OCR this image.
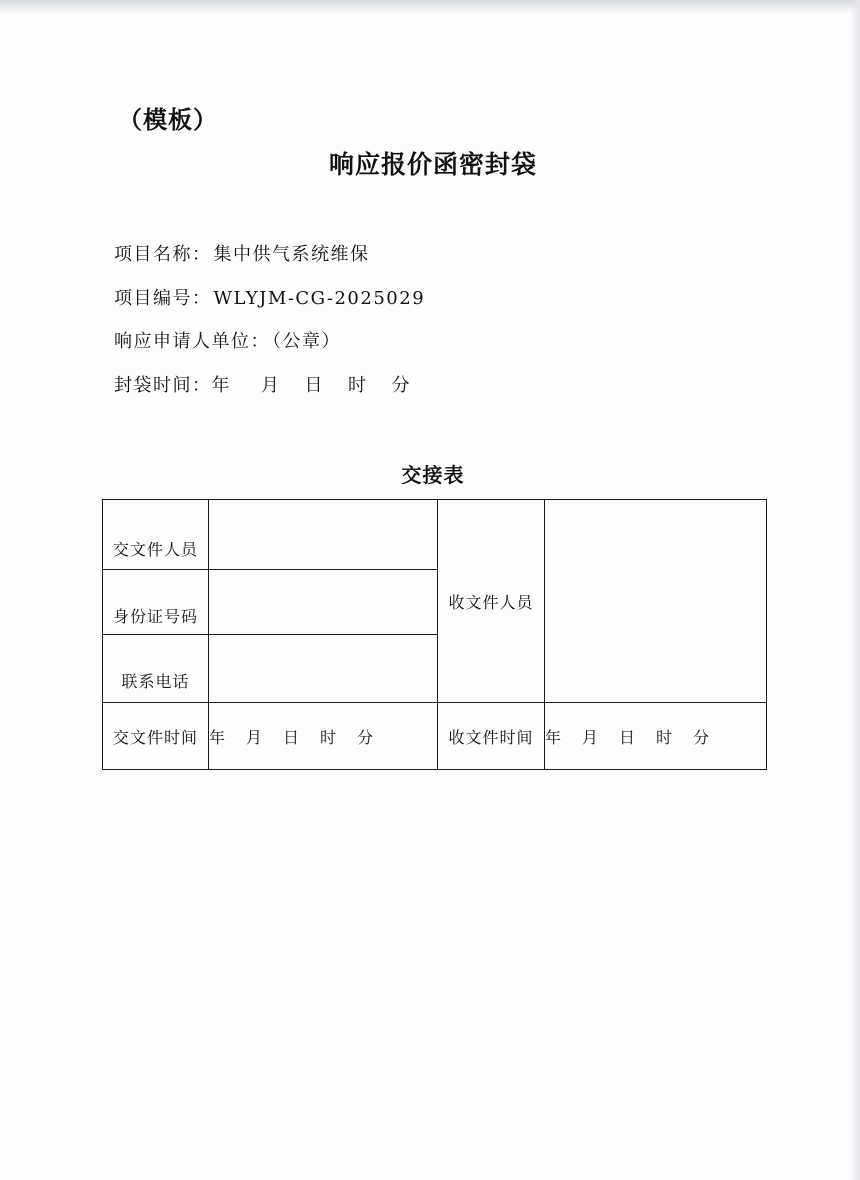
（模板）
响应报价函密封袋
项目名称： 集中供气系统维保
项目编号： WLYJM-CG-2025029
响应申请人单位： （公章）
封袋时间：年 月 日 时 分
交接表
交文件人员		收文件人员	
身份证号码			
联系电话			
交文件时间	年 月 日 时 分	收文件时间	年 月 日 时 分
